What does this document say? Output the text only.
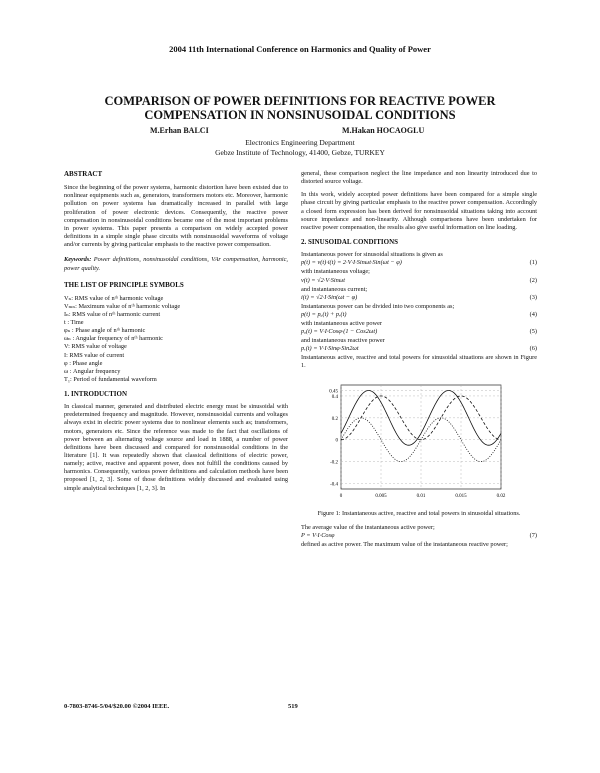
2004 11th International Conference on Harmonics and Quality of Power
COMPARISON OF POWER DEFINITIONS FOR REACTIVE POWER
COMPENSATION IN NONSINUSOIDAL CONDITIONS
M.Erhan BALCI	M.Hakan HOCAOGLU
Electronics Engineering Department
Gebze Institute of Technology, 41400, Gebze, TURKEY
ABSTRACT

Since the beginning of the power systems, harmonic distortion have been existed due to nonlinear equipments such as, generators, transformers motors etc. Moreover, harmonic pollution on power systems has dramatically increased in parallel with large proliferation of power electronic devices. Consequently, the reactive power compensation in nonsinusoidal conditions became one of the most important problems in power systems. This paper presents a comparison on widely accepted power definitions in a simple single phase circuits with nonsinusoidal waveforms of voltage and/or currents by giving particular emphasis to the reactive power compensation.

Keywords: Power definitions, nonsinusoidal conditions, VAr compensation, harmonic, power quality.

THE LIST OF PRINCIPLE SYMBOLS
Vₙ: RMS value of nᵗʰ harmonic voltage
Vₘₙ: Maximum value of nᵗʰ harmonic voltage
Iₙ: RMS value of nᵗʰ harmonic current
t : Time
φₙ : Phase angle of nᵗʰ harmonic
ωₙ : Angular frequency of nᵗʰ harmonic
V: RMS value of voltage
I: RMS value of current
φ : Phase angle
ω : Angular frequency
T₁: Period of fundamental waveform
1. INTRODUCTION

In classical manner, generated and distributed electric energy must be sinusoidal with predetermined frequency and magnitude. However, nonsinusoidal currents and voltages always exist in electric power systems due to nonlinear elements such as; transformers, motors, generators etc. Since the reference was made to the fact that oscillations of power between an alternating voltage source and load in 1888, a number of power definitions have been discussed and compared for nonsinusoidal conditions in the literature [1]. It was repeatedly shown that classical definitions of electric power, namely; active, reactive and apparent power, does not fulfill the conditions caused by harmonics. Consequently, various power definitions and calculation methods have been proposed [1, 2, 3]. Some of those definitions widely discussed and evaluated using simple analytical techniques [1, 2, 3]. In

general, these comparison neglect the line impedance and non linearity introduced due to distorted source voltage.

In this work, widely accepted power definitions have been compared for a simple single phase circuit by giving particular emphasis to the reactive power compensation. Accordingly a closed form expression has been derived for nonsinusoidal situations taking into account source impedance and non-linearity. Although comparisons have been undertaken for reactive power compensation, the results also give useful information on line loading.

2. SINUSOIDAL CONDITIONS

Instantaneous power for sinusoidal situations is given as

p(t) = v(t)·i(t) = 2·V·I·Sinωt·Sin(ωt − φ)	(1)

with instantaneous voltage;

v(t) = √2·V·Sinωt	(2)

and instantaneous current;

i(t) = √2·I·Sin(ωt − φ)	(3)

Instantaneous power can be divided into two components as;

p(t) = pₐ(t) + pᵣ(t)	(4)

with instantaneous active power

pₐ(t) = V·I·Cosφ·(1 − Cos2ωt)	(5)

and instantaneous reactive power

pᵣ(t) = V·I·Sinφ·Sin2ωt	(6)

Instantaneous active, reactive and total powers for sinusoidal situations are shown in Figure 1.

0.45
0.4
0.2
0
-0.2
-0.4
0	0.005	0.01	0.015	0.02

Figure 1: Instantaneous active, reactive and total powers in sinusoidal situations.

The average value of the instantaneous active power;

P = V·I·Cosφ	(7)

defined as active power. The maximum value of the instantaneous reactive power;

0-7803-8746-5/04/$20.00 ©2004 IEEE.	519
